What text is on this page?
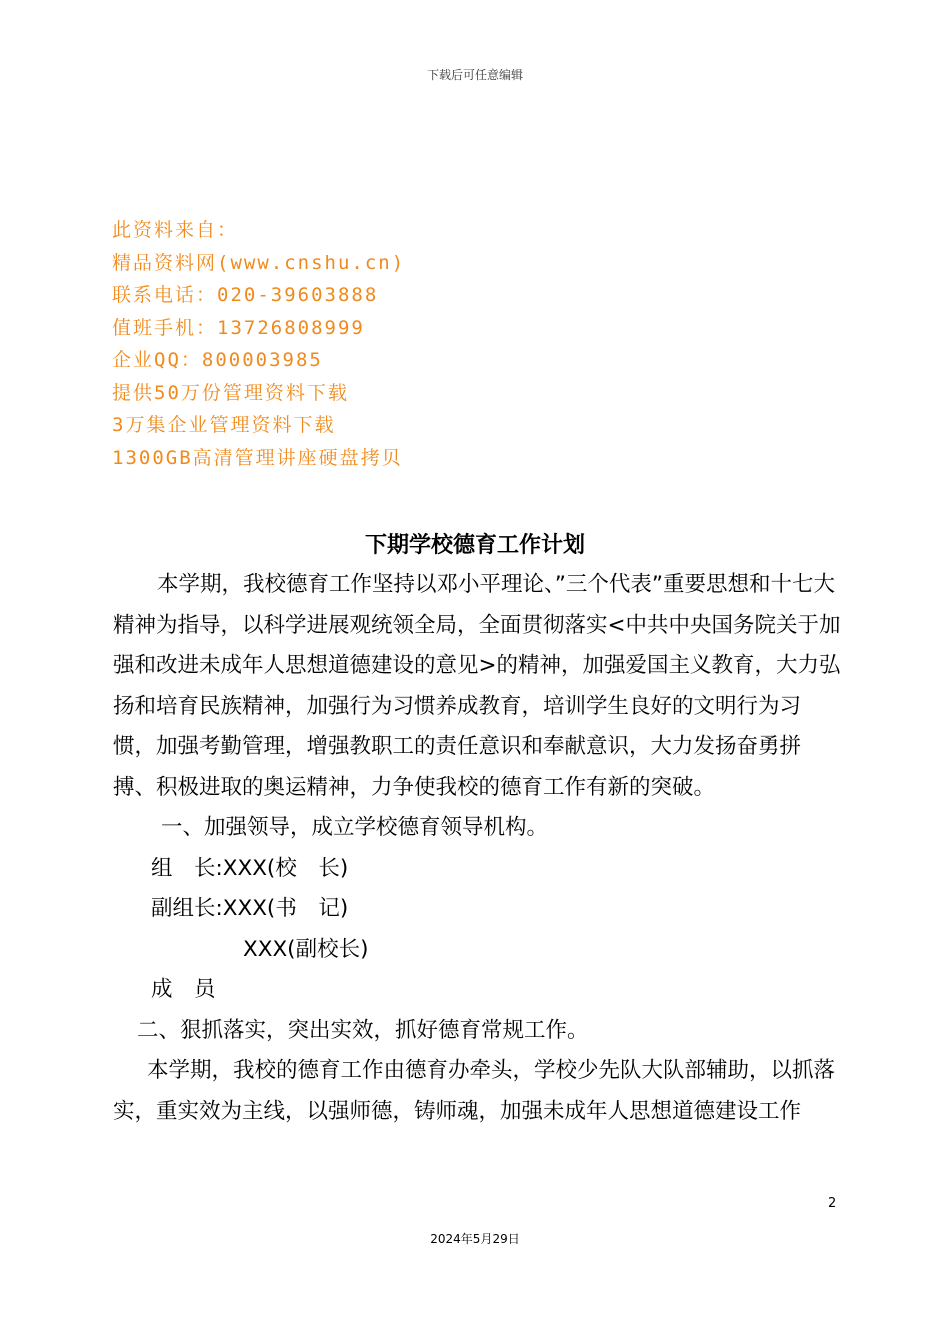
下载后可任意编辑
此资料来自：
精品资料网(www.cnshu.cn)
联系电话：020-39603888
值班手机：13726808999
企业QQ：800003985
提供50万份管理资料下载
3万集企业管理资料下载
1300GB高清管理讲座硬盘拷贝
下期学校德育工作计划

本学期，我校德育工作坚持以邓小平理论、”三个代表”重要思想和十七大精神为指导，以科学进展观统领全局，全面贯彻落实<中共中央国务院关于加强和改进未成年人思想道德建设的意见>的精神，加强爱国主义教育，大力弘扬和培育民族精神，加强行为习惯养成教育，培训学生良好的文明行为习惯，加强考勤管理，增强教职工的责任意识和奉献意识，大力发扬奋勇拼搏、积极进取的奥运精神，力争使我校的德育工作有新的突破。

一、加强领导，成立学校德育领导机构。

组　长:XXX(校　长)

副组长:XXX(书　记)

XXX(副校长)

成　员

二、狠抓落实，突出实效，抓好德育常规工作。

本学期，我校的德育工作由德育办牵头，学校少先队大队部辅助，以抓落实，重实效为主线，以强师德，铸师魂，加强未成年人思想道德建设工作

2
2024年5月29日
